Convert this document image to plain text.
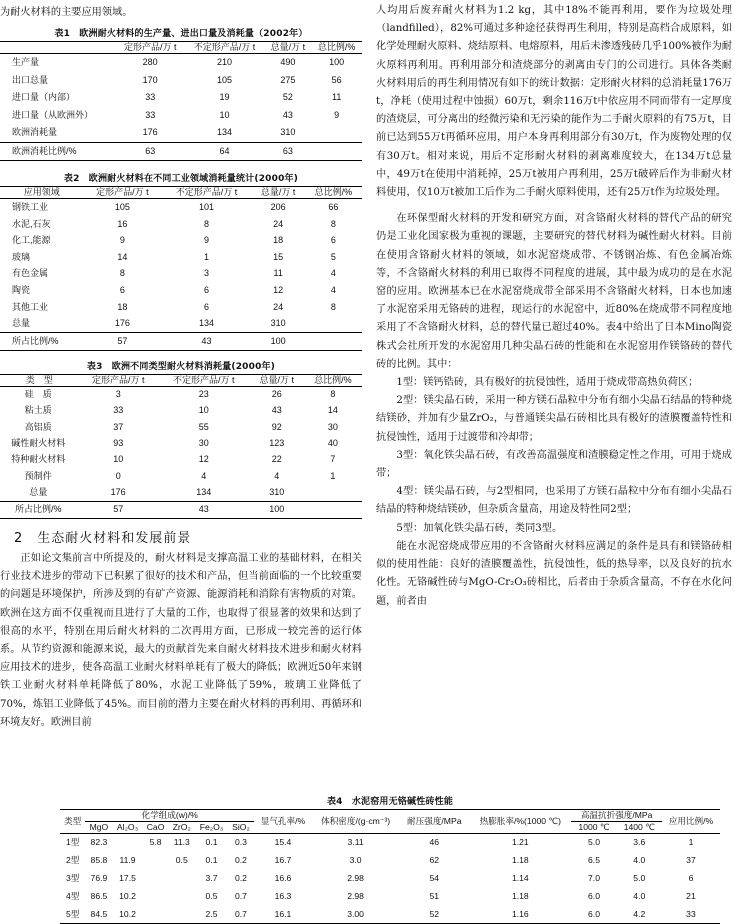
为耐火材料的主要应用领域。

表1　欧洲耐火材料的生产量、进出口量及消耗量（2002年）
	定形产品/万 t	不定形产品/万 t	总量/万 t	总比例/%
生产量	280	210	490	100
出口总量	170	105	275	56
进口量（内部）	33	19	52	11
进口量（从欧洲外）	33	10	43	9
欧洲消耗量	176	134	310	
欧洲消耗比例/%	63	64	63	
表2　欧洲耐火材料在不同工业领域消耗量统计(2000年)
应用领域	定形产品/万 t	不定形产品/万 t	总量/万 t	总比例/%
钢铁工业	105	101	206	66
水泥,石灰	16	8	24	8
化工,能源	9	9	18	6
玻璃	14	1	15	5
有色金属	8	3	11	4
陶瓷	6	6	12	4
其他工业	18	6	24	8
总量	176	134	310	
所占比例/%	57	43	100	
表3　欧洲不同类型耐火材料消耗量(2000年)
类　型	定形产品/万 t	不定形产品/万 t	总量/万 t	总比例/%
硅　质	3	23	26	8
粘土质	33	10	43	14
高铝质	37	55	92	30
碱性耐火材料	93	30	123	40
特种耐火材料	10	12	22	7
预制件	0	4	4	1
总量	176	134	310	
所占比例/%	57	43	100	
2　生态耐火材料和发展前景

正如论文集前言中所提及的，耐火材料是支撑高温工业的基础材料，在相关行业技术进步的带动下已积累了很好的技术和产品，但当前面临的一个比较重要的问题是环境保护，所涉及到的有矿产资源、能源消耗和消除有害物质的对策。欧洲在这方面不仅重视而且进行了大量的工作，也取得了很显著的效果和达到了很高的水平，特别在用后耐火材料的二次再用方面，已形成一较完善的运行体系。从节约资源和能源来说，最大的贡献首先来自耐火材料技术进步和耐火材料应用技术的进步，使各高温工业耐火材料单耗有了极大的降低；欧洲近50年来钢铁工业耐火材料单耗降低了80%，水泥工业降低了59%，玻璃工业降低了70%，炼铝工业降低了45%。而目前的潜力主要在耐火材料的再利用、再循环和环境友好。欧洲目前

人均用后废弃耐火材料为1.2 kg，其中18%不能再利用，要作为垃圾处理（landfilled），82%可通过多种途径获得再生利用，特别是高档合成原料，如化学处理耐火原料、烧结原料、电熔原料，用后未渗透残砖几乎100%被作为耐火原料再利用。再利用部分和渣烧部分的剥离由专门的公司进行。具体各类耐火材料用后的再生利用情况有如下的统计数据：定形耐火材料的总消耗量176万t，净耗（使用过程中蚀损）60万t，剩余116万t中依应用不同而带有一定厚度的渣烧层，可分离出的经微污染和无污染的能作为二手耐火原料的有75万t，目前已达到55万t再循环应用，用户本身再利用部分有30万t，作为废物处理的仅有30万t。相对来说，用后不定形耐火材料的剥离难度较大，在134万t总量中，49万t在使用中消耗掉，25万t被用户再利用，25万t破碎后作为非耐火材料使用，仅10万t被加工后作为二手耐火原料使用，还有25万t作为垃圾处理。

在环保型耐火材料的开发和研究方面，对含铬耐火材料的替代产品的研究仍是工业化国家极为重视的课题，主要研究的替代材料为碱性耐火材料。目前在使用含铬耐火材料的领域，如水泥窑烧成带、不锈钢冶炼、有色金属冶炼等，不含铬耐火材料的利用已取得不同程度的进展，其中最为成功的是在水泥窑的应用。欧洲基本已在水泥窑烧成带全部采用不含铬耐火材料，日本也加速了水泥窑采用无铬砖的进程，现运行的水泥窑中，近80%在烧成带不同程度地采用了不含铬耐火材料，总的替代量已超过40%。表4中给出了日本Mino陶瓷株式会社所开发的水泥窑用几种尖晶石砖的性能和在水泥窑用作镁铬砖的替代砖的比例。其中：

1型：镁钙锆砖，具有极好的抗侵蚀性，适用于烧成带高热负荷区；

2型：镁尖晶石砖，采用一种方镁石晶粒中分布有细小尖晶石结晶的特种烧结镁砂，并加有少量ZrO₂，与普通镁尖晶石砖相比具有极好的渣膜覆盖特性和抗侵蚀性，适用于过渡带和冷却带；

3型：氧化铁尖晶石砖，有改善高温强度和渣膜稳定性之作用，可用于烧成带；

4型：镁尖晶石砖，与2型相同，也采用了方镁石晶粒中分布有细小尖晶石结晶的特种烧结镁砂，但杂质含量高，用途及特性同2型；

5型：加氧化铁尖晶石砖，类同3型。

能在水泥窑烧成带应用的不含铬耐火材料应满足的条件是具有和镁铬砖相似的使用性能：良好的渣膜覆盖性，抗侵蚀性，低的热导率，以及良好的抗水化性。无铬碱性砖与MgO-Cr₂O₃砖相比，后者由于杂质含量高，不存在水化问题，前者由

表4　水泥窑用无铬碱性砖性能
类型	化学组成(w)/%						显气孔率/%	体积密度/(g·cm⁻³)	耐压强度/MPa	热膨胀率/%(1000 ℃)	高温抗折强度/MPa		应用比例/%
	MgO	Al₂O₃	CaO	ZrO₂	Fe₂O₃	SiO₂					1000 ℃	1400 ℃	
1型	82.3		5.8	11.3	0.1	0.3	15.4	3.11	46	1.21	5.0	3.6	1
2型	85.8	11.9		0.5	0.1	0.2	16.7	3.0	62	1.18	6.5	4.0	37
3型	76.9	17.5			3.7	0.2	16.6	2.98	54	1.14	7.0	5.0	6
4型	86.5	10.2			0.5	0.7	16.3	2.98	51	1.18	6.0	4.0	21
5型	84.5	10.2			2.5	0.7	16.1	3.00	52	1.16	6.0	4.2	33
